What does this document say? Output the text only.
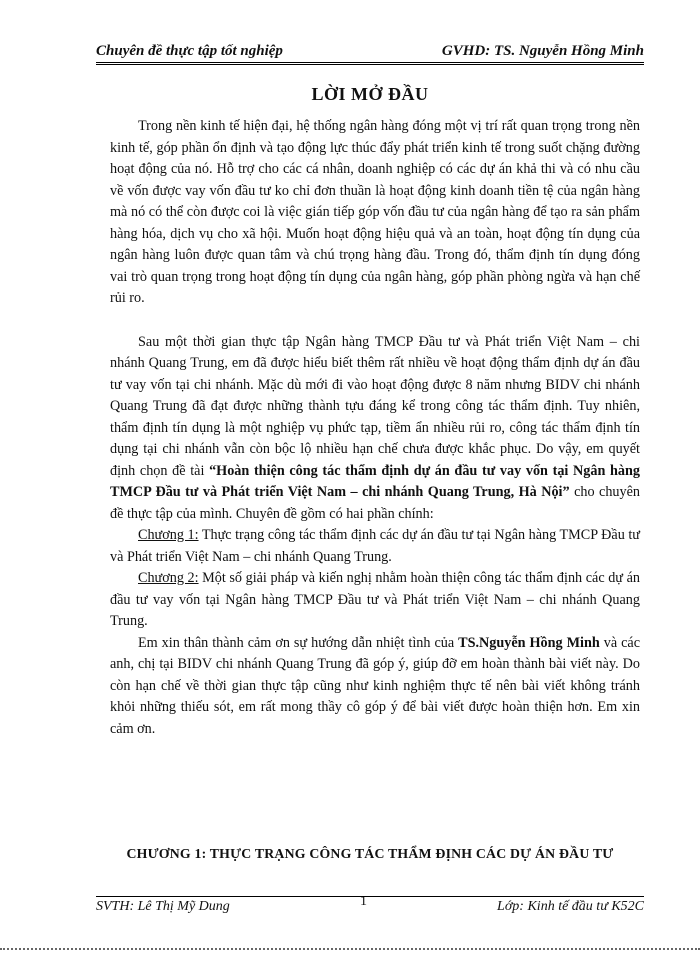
Chuyên đề thực tập tốt nghiệp	GVHD: TS. Nguyễn Hồng Minh
LỜI MỞ ĐẦU

Trong nền kinh tế hiện đại, hệ thống ngân hàng đóng một vị trí rất quan trọng trong nền kinh tế, góp phần ổn định và tạo động lực thúc đẩy phát triển kinh tế trong suốt chặng đường hoạt động của nó. Hỗ trợ cho các cá nhân, doanh nghiệp có các dự án khả thi và có nhu cầu về vốn được vay vốn đầu tư ko chỉ đơn thuần là hoạt động kinh doanh tiền tệ của ngân hàng mà nó có thể còn được coi là việc gián tiếp góp vốn đầu tư của ngân hàng để tạo ra sản phẩm hàng hóa, dịch vụ cho xã hội. Muốn hoạt động hiệu quả và an toàn, hoạt động tín dụng của ngân hàng luôn được quan tâm và chú trọng hàng đầu. Trong đó, thẩm định tín dụng đóng vai trò quan trọng trong hoạt động tín dụng của ngân hàng, góp phần phòng ngừa và hạn chế rủi ro.

Sau một thời gian thực tập Ngân hàng TMCP Đầu tư và Phát triển Việt Nam – chi nhánh Quang Trung, em đã được hiểu biết thêm rất nhiều về hoạt động thẩm định dự án đầu tư vay vốn tại chi nhánh. Mặc dù mới đi vào hoạt động được 8 năm nhưng BIDV chi nhánh Quang Trung đã đạt được những thành tựu đáng kể trong công tác thẩm định. Tuy nhiên, thẩm định tín dụng là một nghiệp vụ phức tạp, tiềm ẩn nhiều rủi ro, công tác thẩm định tín dụng tại chi nhánh vẫn còn bộc lộ nhiều hạn chế chưa được khắc phục. Do vậy, em quyết định chọn đề tài “Hoàn thiện công tác thẩm định dự án đầu tư vay vốn tại Ngân hàng TMCP Đầu tư và Phát triển Việt Nam – chi nhánh Quang Trung, Hà Nội” cho chuyên đề thực tập của mình. Chuyên đề gồm có hai phần chính:

Chương 1: Thực trạng công tác thẩm định các dự án đầu tư tại Ngân hàng TMCP Đầu tư và Phát triển Việt Nam – chi nhánh Quang Trung.

Chương 2: Một số giải pháp và kiến nghị nhằm hoàn thiện công tác thẩm định các dự án đầu tư vay vốn tại Ngân hàng TMCP Đầu tư và Phát triển Việt Nam – chi nhánh Quang Trung.

Em xin thân thành cảm ơn sự hướng dẫn nhiệt tình của TS.Nguyễn Hồng Minh và các anh, chị tại BIDV chi nhánh Quang Trung đã góp ý, giúp đỡ em hoàn thành bài viết này. Do còn hạn chế về thời gian thực tập cũng như kinh nghiệm thực tế nên bài viết không tránh khỏi những thiếu sót, em rất mong thầy cô góp ý để bài viết được hoàn thiện hơn. Em xin cảm ơn.

CHƯƠNG 1: THỰC TRẠNG CÔNG TÁC THẨM ĐỊNH CÁC DỰ ÁN ĐẦU TƯ
1
SVTH: Lê Thị Mỹ Dung	Lớp: Kinh tế đầu tư K52C
